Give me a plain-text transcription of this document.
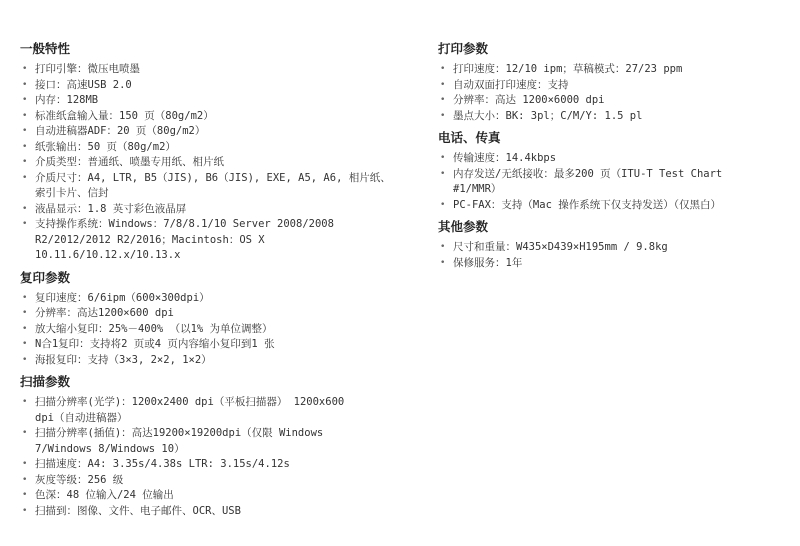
一般特性
• 打印引擎：微压电喷墨
• 接口：高速USB 2.0
• 内存：128MB
• 标准纸盒输入量：150 页（80g/m2）
• 自动进稿器ADF：20 页（80g/m2）
• 纸张输出：50 页（80g/m2）
• 介质类型：普通纸、喷墨专用纸、相片纸
• 介质尺寸：A4, LTR, B5（JIS), B6（JIS), EXE, A5, A6, 相片纸、
索引卡片、信封
• 液晶显示：1.8 英寸彩色液晶屏
• 支持操作系统：Windows：7/8/8.1/10 Server 2008/2008
R2/2012/2012 R2/2016；Macintosh：OS X
10.11.6/10.12.x/10.13.x
复印参数
• 复印速度：6/6ipm（600×300dpi）
• 分辨率：高达1200×600 dpi
• 放大缩小复印：25%－400% （以1% 为单位调整）
• N合1复印：支持将2 页或4 页内容缩小复印到1 张
• 海报复印：支持（3×3, 2×2, 1×2）
扫描参数
• 扫描分辨率(光学)：1200x2400 dpi（平板扫描器） 1200x600
dpi（自动进稿器）
• 扫描分辨率(插值)：高达19200×19200dpi（仅限 Windows
7/Windows 8/Windows 10）
• 扫描速度：A4: 3.35s/4.38s LTR: 3.15s/4.12s
• 灰度等级：256 级
• 色深：48 位输入/24 位输出
• 扫描到：图像、文件、电子邮件、OCR、USB
打印参数
• 打印速度：12/10 ipm；草稿模式：27/23 ppm
• 自动双面打印速度：支持
• 分辨率：高达 1200×6000 dpi
• 墨点大小：BK: 3pl；C/M/Y: 1.5 pl
电话、传真
• 传输速度：14.4kbps
• 内存发送/无纸接收：最多200 页（ITU-T Test Chart
#1/MMR）
• PC-FAX：支持（Mac 操作系统下仅支持发送）（仅黑白）
其他参数
• 尺寸和重量：W435×D439×H195mm / 9.8kg
• 保修服务：1年
